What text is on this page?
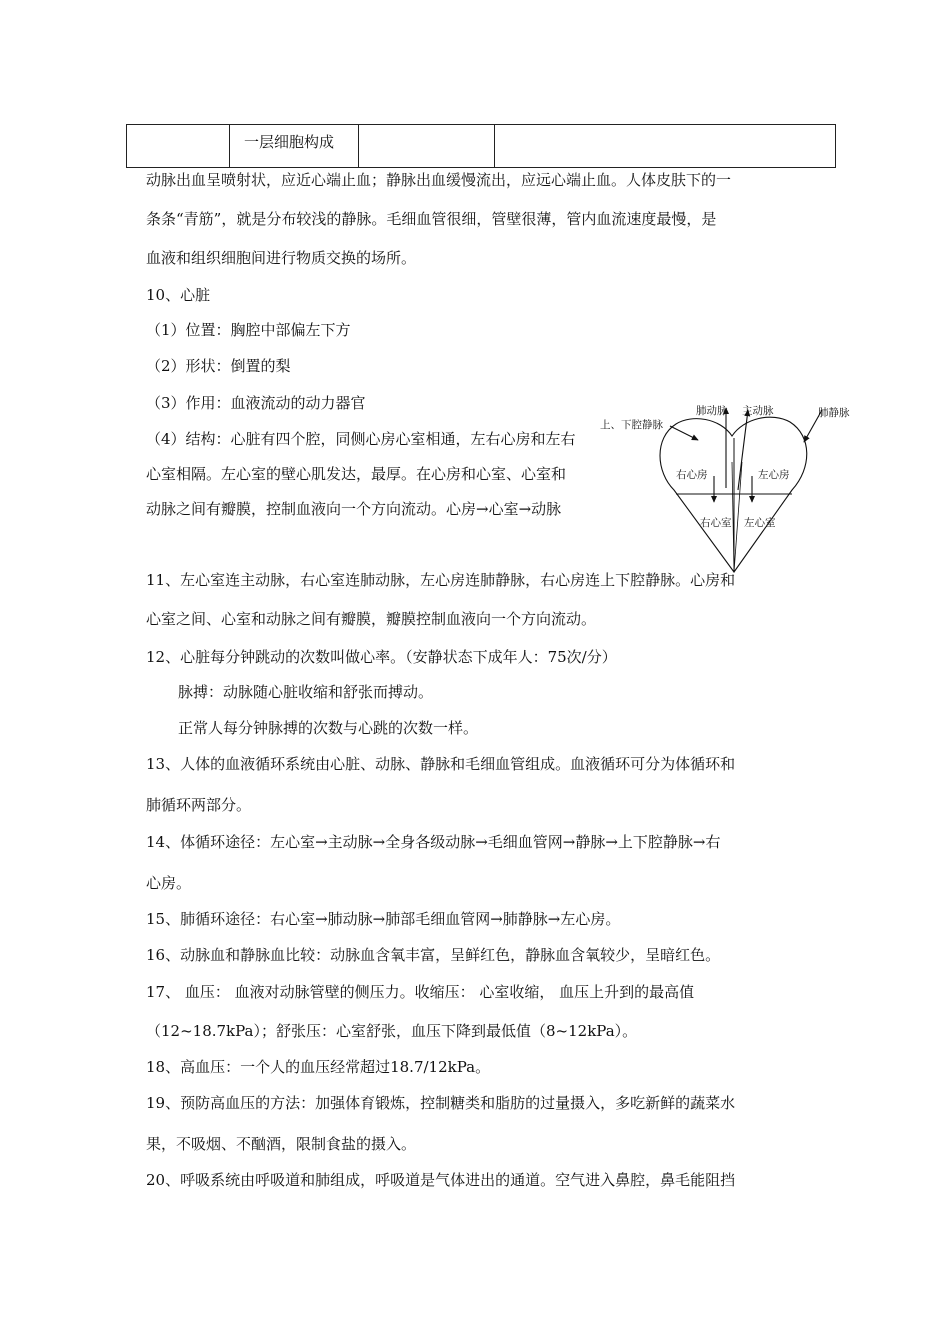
	一层细胞构成		
动脉出血呈喷射状，应近心端止血；静脉出血缓慢流出，应远心端止血。人体皮肤下的一
条条“青筋”，就是分布较浅的静脉。毛细血管很细，管壁很薄，管内血流速度最慢，是
血液和组织细胞间进行物质交换的场所。
10、心脏
（1）位置：胸腔中部偏左下方
（2）形状：倒置的梨
（3）作用：血液流动的动力器官
（4）结构：心脏有四个腔，同侧心房心室相通，左右心房和左右
心室相隔。左心室的壁心肌发达，最厚。在心房和心室、心室和
动脉之间有瓣膜，控制血液向一个方向流动。心房→心室→动脉
上、下腔静脉
肺动脉 主动脉	肺静脉
右心房	左心房
右心室 左心室
11、左心室连主动脉，右心室连肺动脉，左心房连肺静脉，右心房连上下腔静脉。心房和
心室之间、心室和动脉之间有瓣膜，瓣膜控制血液向一个方向流动。
12、心脏每分钟跳动的次数叫做心率。（安静状态下成年人：75次/分）
脉搏：动脉随心脏收缩和舒张而搏动。
正常人每分钟脉搏的次数与心跳的次数一样。
13、人体的血液循环系统由心脏、动脉、静脉和毛细血管组成。血液循环可分为体循环和
肺循环两部分。
14、体循环途径：左心室→主动脉→全身各级动脉→毛细血管网→静脉→上下腔静脉→右
心房。
15、肺循环途径：右心室→肺动脉→肺部毛细血管网→肺静脉→左心房。
16、动脉血和静脉血比较：动脉血含氧丰富，呈鲜红色，静脉血含氧较少，呈暗红色。
17、 血压： 血液对动脉管壁的侧压力。收缩压： 心室收缩， 血压上升到的最高值
（12~18.7kPa）；舒张压：心室舒张，血压下降到最低值（8~12kPa）。
18、高血压：一个人的血压经常超过18.7/12kPa。
19、预防高血压的方法：加强体育锻炼，控制糖类和脂肪的过量摄入，多吃新鲜的蔬菜水
果，不吸烟、不酗酒，限制食盐的摄入。
20、呼吸系统由呼吸道和肺组成，呼吸道是气体进出的通道。空气进入鼻腔，鼻毛能阻挡
